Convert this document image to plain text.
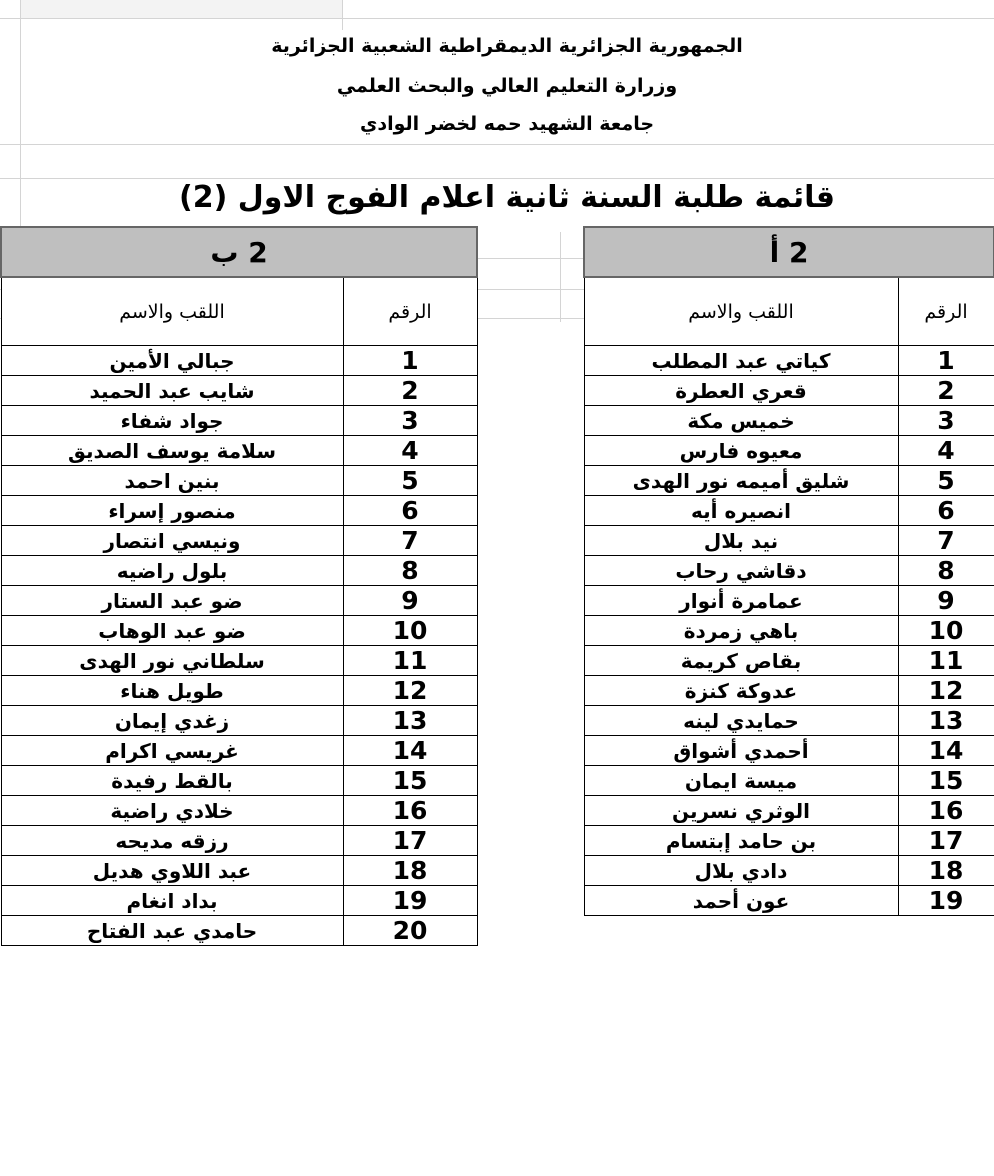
الجمهورية الجزائرية الديمقراطية الشعبية الجزائرية
وزرارة التعليم العالي والبحث العلمي
جامعة الشهيد حمه لخضر الوادي
قائمة طلبة السنة ثانية اعلام الفوج الاول (2)
2 أ	
الرقم	اللقب والاسم
1	كياتي عبد المطلب
2	قعري العطرة
3	خميس مكة
4	معيوه فارس
5	شليق أميمه نور الهدى
6	انصيره أيه
7	نيد بلال
8	دقاشي رحاب
9	عمامرة أنوار
10	باهي زمردة
11	بقاص كريمة
12	عدوكة كنزة
13	حمايدي لينه
14	أحمدي أشواق
15	ميسة ايمان
16	الوثري نسرين
17	بن حامد إبتسام
18	دادي بلال
19	عون أحمد
2 ب	
الرقم	اللقب والاسم
1	جبالي الأمين
2	شايب عبد الحميد
3	جواد شفاء
4	سلامة يوسف الصديق
5	بنين احمد
6	منصور إسراء
7	ونيسي انتصار
8	بلول راضيه
9	ضو عبد الستار
10	ضو عبد الوهاب
11	سلطاني نور الهدى
12	طويل هناء
13	زغدي إيمان
14	غريسي اكرام
15	بالقط رفيدة
16	خلادي راضية
17	رزقه مديحه
18	عبد اللاوي هديل
19	بداد انغام
20	حامدي عبد الفتاح
